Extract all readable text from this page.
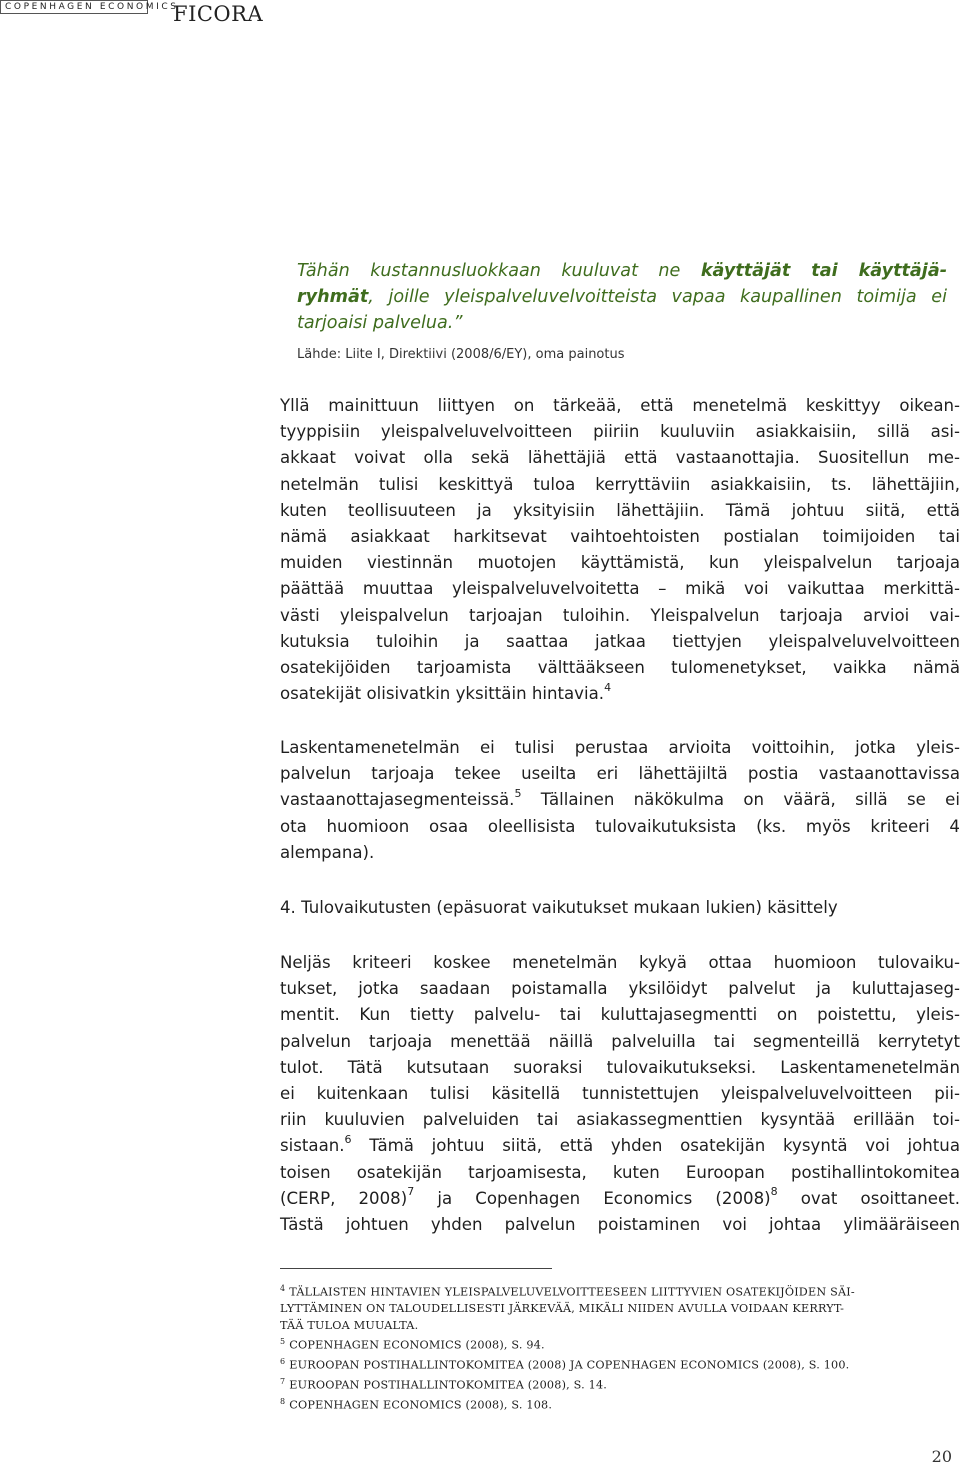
COPENHAGEN ECONOMICS
FICORA
Tähän kustannusluokkaan kuuluvat ne käyttäjät tai käyttäjä-
ryhmät, joille yleispalveluvelvoitteista vapaa kaupallinen toimija ei
tarjoaisi palvelua.”
Lähde: Liite I, Direktiivi (2008/6/EY), oma painotus
Yllä mainittuun liittyen on tärkeää, että menetelmä keskittyy oikean-
tyyppisiin yleispalveluvelvoitteen piiriin kuuluviin asiakkaisiin, sillä asi-
akkaat voivat olla sekä lähettäjiä että vastaanottajia. Suositellun me-
netelmän tulisi keskittyä tuloa kerryttäviin asiakkaisiin, ts. lähettäjiin,
kuten teollisuuteen ja yksityisiin lähettäjiin. Tämä johtuu siitä, että
nämä asiakkaat harkitsevat vaihtoehtoisten postialan toimijoiden tai
muiden viestinnän muotojen käyttämistä, kun yleispalvelun tarjoaja
päättää muuttaa yleispalveluvelvoitetta – mikä voi vaikuttaa merkittä-
västi yleispalvelun tarjoajan tuloihin. Yleispalvelun tarjoaja arvioi vai-
kutuksia tuloihin ja saattaa jatkaa tiettyjen yleispalveluvelvoitteen
osatekijöiden tarjoamista välttääkseen tulomenetykset, vaikka nämä
osatekijät olisivatkin yksittäin hintavia.$^4$
Laskentamenetelmän ei tulisi perustaa arvioita voittoihin, jotka yleis-
palvelun tarjoaja tekee useilta eri lähettäjiltä postia vastaanottavissa
vastaanottajasegmenteissä.$^5$ Tällainen näkökulma on väärä, sillä se ei
ota huomioon osaa oleellisista tulovaikutuksista (ks. myös kriteeri 4
alempana).
4. Tulovaikutusten (epäsuorat vaikutukset mukaan lukien) käsittely
Neljäs kriteeri koskee menetelmän kykyä ottaa huomioon tulovaiku-
tukset, jotka saadaan poistamalla yksilöidyt palvelut ja kuluttajaseg-
mentit. Kun tietty palvelu- tai kuluttajasegmentti on poistettu, yleis-
palvelun tarjoaja menettää näillä palveluilla tai segmenteillä kerrytetyt
tulot. Tätä kutsutaan suoraksi tulovaikutukseksi. Laskentamenetelmän
ei kuitenkaan tulisi käsitellä tunnistettujen yleispalveluvelvoitteen pii-
riin kuuluvien palveluiden tai asiakassegmenttien kysyntää erillään toi-
sistaan.$^6$ Tämä johtuu siitä, että yhden osatekijän kysyntä voi johtua
toisen osatekijän tarjoamisesta, kuten Euroopan postihallintokomitea
(CERP, 2008)$^7$ ja Copenhagen Economics $(2008)^8$ ovat osoittaneet.
Tästä johtuen yhden palvelun poistaminen voi johtaa ylimääräiseen
$^4$ TÄLLAISTEN HINTAVIEN YLEISPALVELUVELVOITTEESEEN LIITTYVIEN OSATEKIJÖIDEN SÄI-
LYTTÄMINEN ON TALOUDELLISESTI JÄRKEVÄÄ, MIKÄLI NIIDEN AVULLA VOIDAAN KERRYT-
TÄÄ TULOA MUUALTA.
$^5$ COPENHAGEN ECONOMICS (2008), S. 94.
$^6$ EUROOPAN POSTIHALLINTOKOMITEA (2008) JA COPENHAGEN ECONOMICS (2008), S. 100.
$^7$ EUROOPAN POSTIHALLINTOKOMITEA (2008), S. 14.
$^8$ COPENHAGEN ECONOMICS (2008), S. 108.
20
